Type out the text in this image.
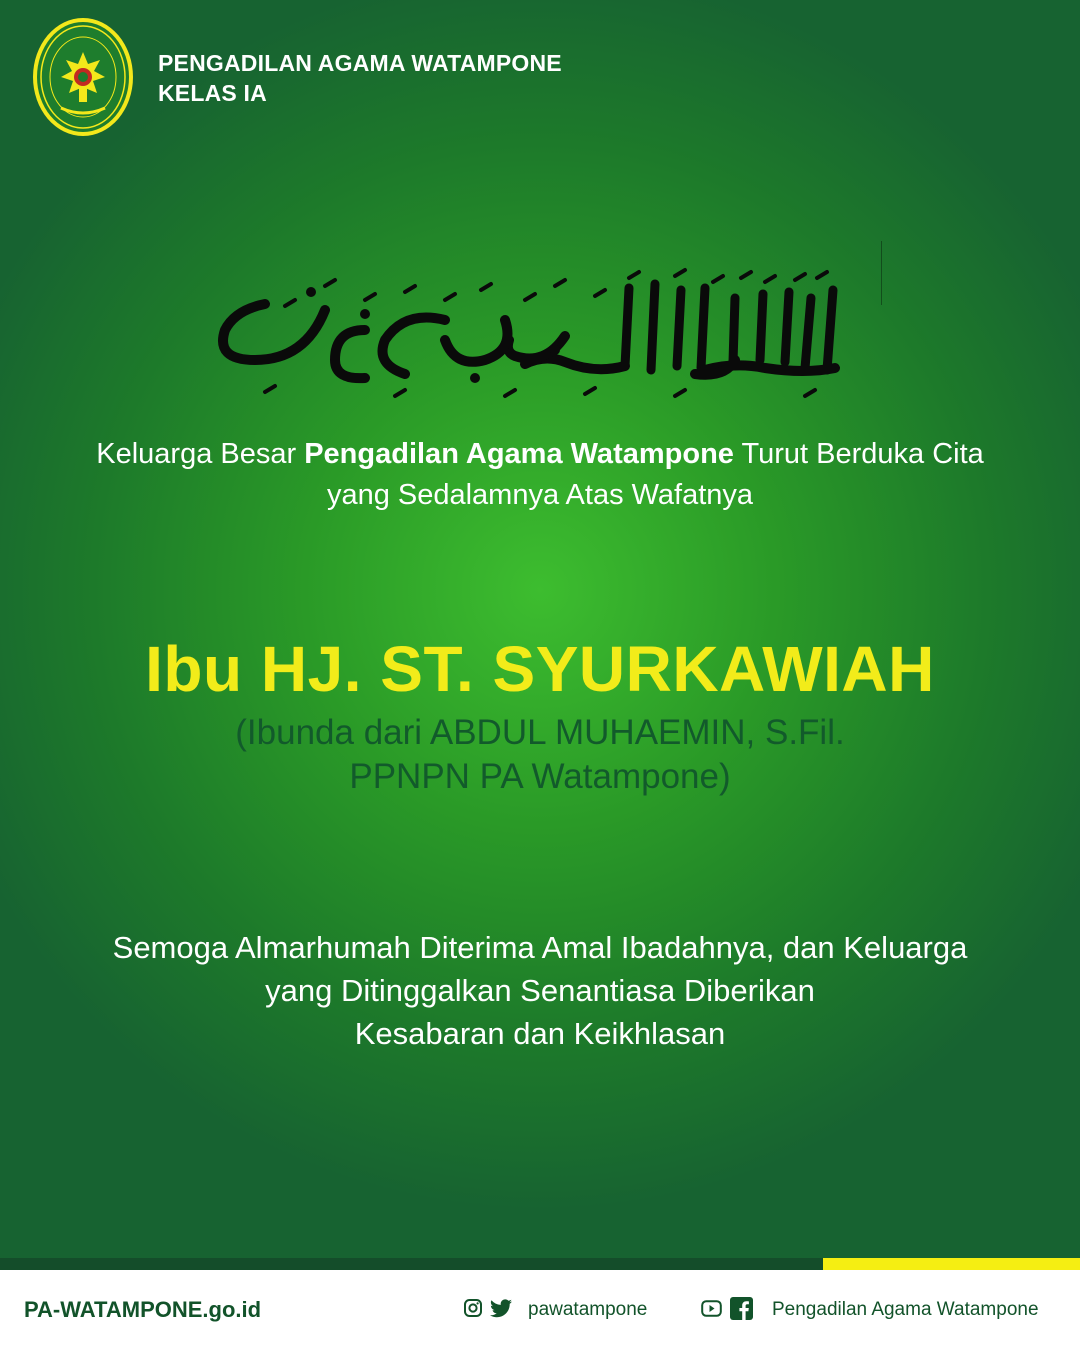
PENGADILAN AGAMA WATAMPONE
KELAS IA
Keluarga Besar Pengadilan Agama Watampone Turut Berduka Cita
yang Sedalamnya Atas Wafatnya
Ibu HJ. ST. SYURKAWIAH
(Ibunda dari ABDUL MUHAEMIN, S.Fil.
PPNPN PA Watampone)
Semoga Almarhumah Diterima Amal Ibadahnya, dan Keluarga
yang Ditinggalkan Senantiasa Diberikan
Kesabaran dan Keikhlasan
PA-WATAMPONE.go.id	pawatampone	Pengadilan Agama Watampone
